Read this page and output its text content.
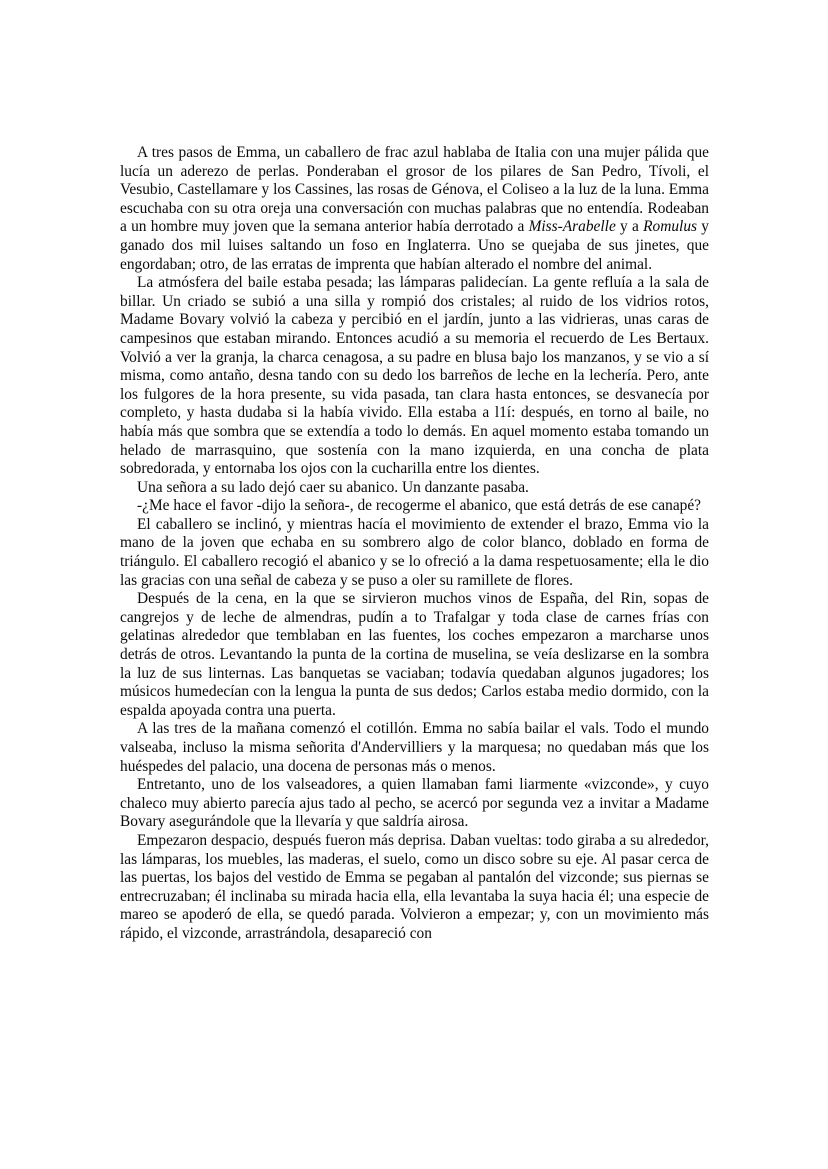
A tres pasos de Emma, un caballero de frac azul hablaba de Italia con una mujer pálida que lucía un aderezo de perlas. Ponderaban el grosor de los pilares de San Pedro, Tívoli, el Vesubio, Castellamare y los Cassines, las rosas de Génova, el Coliseo a la luz de la luna. Emma escuchaba con su otra oreja una conversación con muchas palabras que no entendía. Rodeaban a un hombre muy joven que la semana anterior había derrotado a Miss-Arabelle y a Romulus y ganado dos mil luises saltando un foso en Inglaterra. Uno se quejaba de sus jinetes, que engordaban; otro, de las erratas de imprenta que habían alterado el nombre del animal.

La atmósfera del baile estaba pesada; las lámparas palidecían. La gente refluía a la sala de billar. Un criado se subió a una silla y rompió dos cristales; al ruido de los vidrios rotos, Madame Bovary volvió la cabeza y percibió en el jardín, junto a las vidrieras, unas caras de campesinos que estaban mirando. Entonces acudió a su memoria el recuerdo de Les Bertaux. Volvió a ver la granja, la charca cenagosa, a su padre en blusa bajo los manzanos, y se vio a sí misma, como antaño, desna tando con su dedo los barreños de leche en la lechería. Pero, ante los fulgores de la hora presente, su vida pasada, tan clara hasta entonces, se desvanecía por completo, y hasta dudaba si la había vivido. Ella estaba a l1í: después, en torno al baile, no había más que sombra que se extendía a todo lo demás. En aquel momento estaba tomando un helado de marrasquino, que sostenía con la mano izquierda, en una concha de plata sobredorada, y entornaba los ojos con la cucharilla entre los dientes.

Una señora a su lado dejó caer su abanico. Un danzante pasaba.

-¿Me hace el favor -dijo la señora-, de recogerme el abanico, que está detrás de ese canapé?

El caballero se inclinó, y mientras hacía el movimiento de extender el brazo, Emma vio la mano de la joven que echaba en su sombrero algo de color blanco, doblado en forma de triángulo. El caballero recogió el abanico y se lo ofreció a la dama respetuosamente; ella le dio las gracias con una señal de cabeza y se puso a oler su ramillete de flores.

Después de la cena, en la que se sirvieron muchos vinos de España, del Rin, sopas de cangrejos y de leche de almendras, pudín a to Trafalgar y toda clase de carnes frías con gelatinas alrededor que temblaban en las fuentes, los coches empezaron a marcharse unos detrás de otros. Levantando la punta de la cortina de muselina, se veía deslizarse en la sombra la luz de sus linternas. Las banquetas se vaciaban; todavía quedaban algunos jugadores; los músicos humedecían con la lengua la punta de sus dedos; Carlos estaba medio dormido, con la espalda apoyada contra una puerta.

A las tres de la mañana comenzó el cotillón. Emma no sabía bailar el vals. Todo el mundo valseaba, incluso la misma señorita d'Andervilliers y la marquesa; no quedaban más que los huéspedes del palacio, una docena de personas más o menos.

Entretanto, uno de los valseadores, a quien llamaban fami liarmente «vizconde», y cuyo chaleco muy abierto parecía ajus tado al pecho, se acercó por segunda vez a invitar a Madame Bovary asegurándole que la llevaría y que saldría airosa.

Empezaron despacio, después fueron más deprisa. Daban vueltas: todo giraba a su alrededor, las lámparas, los muebles, las maderas, el suelo, como un disco sobre su eje. Al pasar cerca de las puertas, los bajos del vestido de Emma se pegaban al pantalón del vizconde; sus piernas se entrecruzaban; él inclinaba su mirada hacia ella, ella levantaba la suya hacia él; una especie de mareo se apoderó de ella, se quedó parada. Volvieron a empezar; y, con un movimiento más rápido, el vizconde, arrastrándola, desapareció con
